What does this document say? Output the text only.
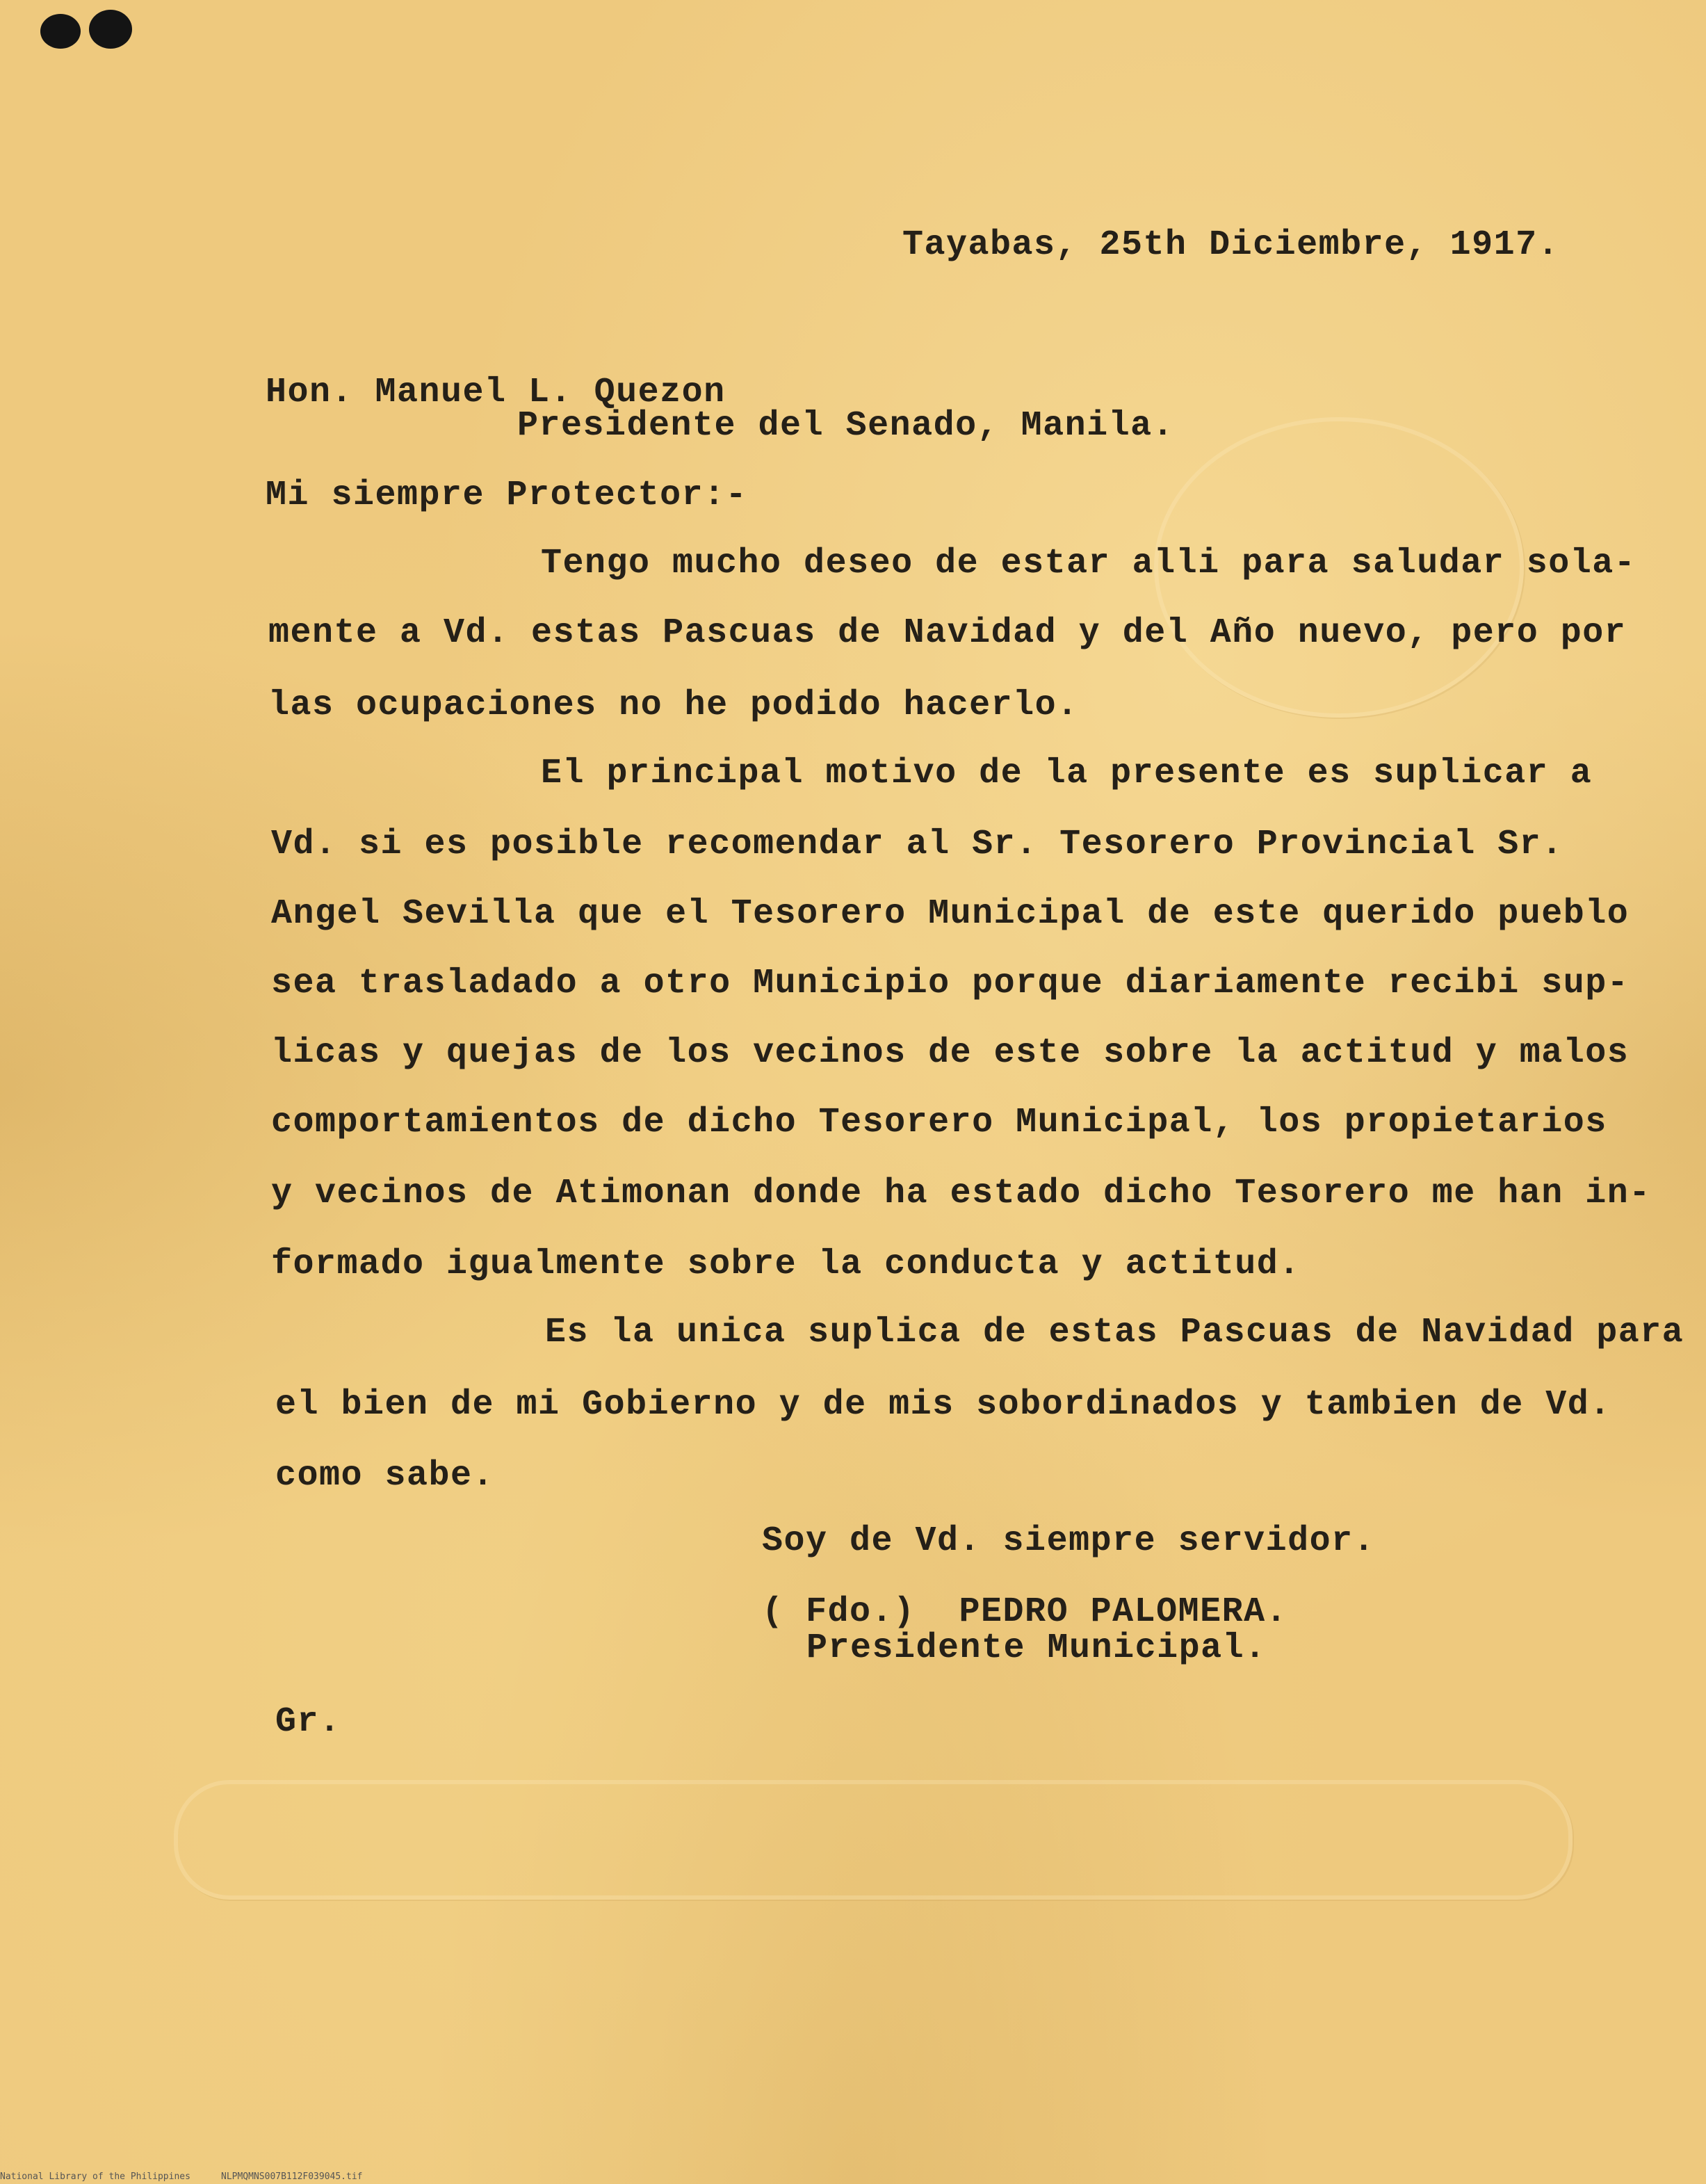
Tayabas, 25th Diciembre, 1917.

Hon. Manuel L. Quezon

Presidente del Senado, Manila.

Mi siempre Protector:-

Tengo mucho deseo de estar alli para saludar sola-

mente a Vd. estas Pascuas de Navidad y del Año nuevo, pero por

las ocupaciones no he podido hacerlo.

El principal motivo de la presente es suplicar a

Vd. si es posible recomendar al Sr. Tesorero Provincial Sr.

Angel Sevilla que el Tesorero Municipal de este querido pueblo

sea trasladado a otro Municipio porque diariamente recibi sup-

licas y quejas de los vecinos de este sobre la actitud y malos

comportamientos de dicho Tesorero Municipal, los propietarios

y vecinos de Atimonan donde ha estado dicho Tesorero me han in-

formado igualmente sobre la conducta y actitud.

Es la unica suplica de estas Pascuas de Navidad para

el bien de mi Gobierno y de mis sobordinados y tambien de Vd.

como sabe.

Soy de Vd. siempre servidor.

( Fdo.)  PEDRO PALOMERA.

Presidente Municipal.

Gr.

National Library of the Philippines	NLPMQMNS007B112F039045.tif
